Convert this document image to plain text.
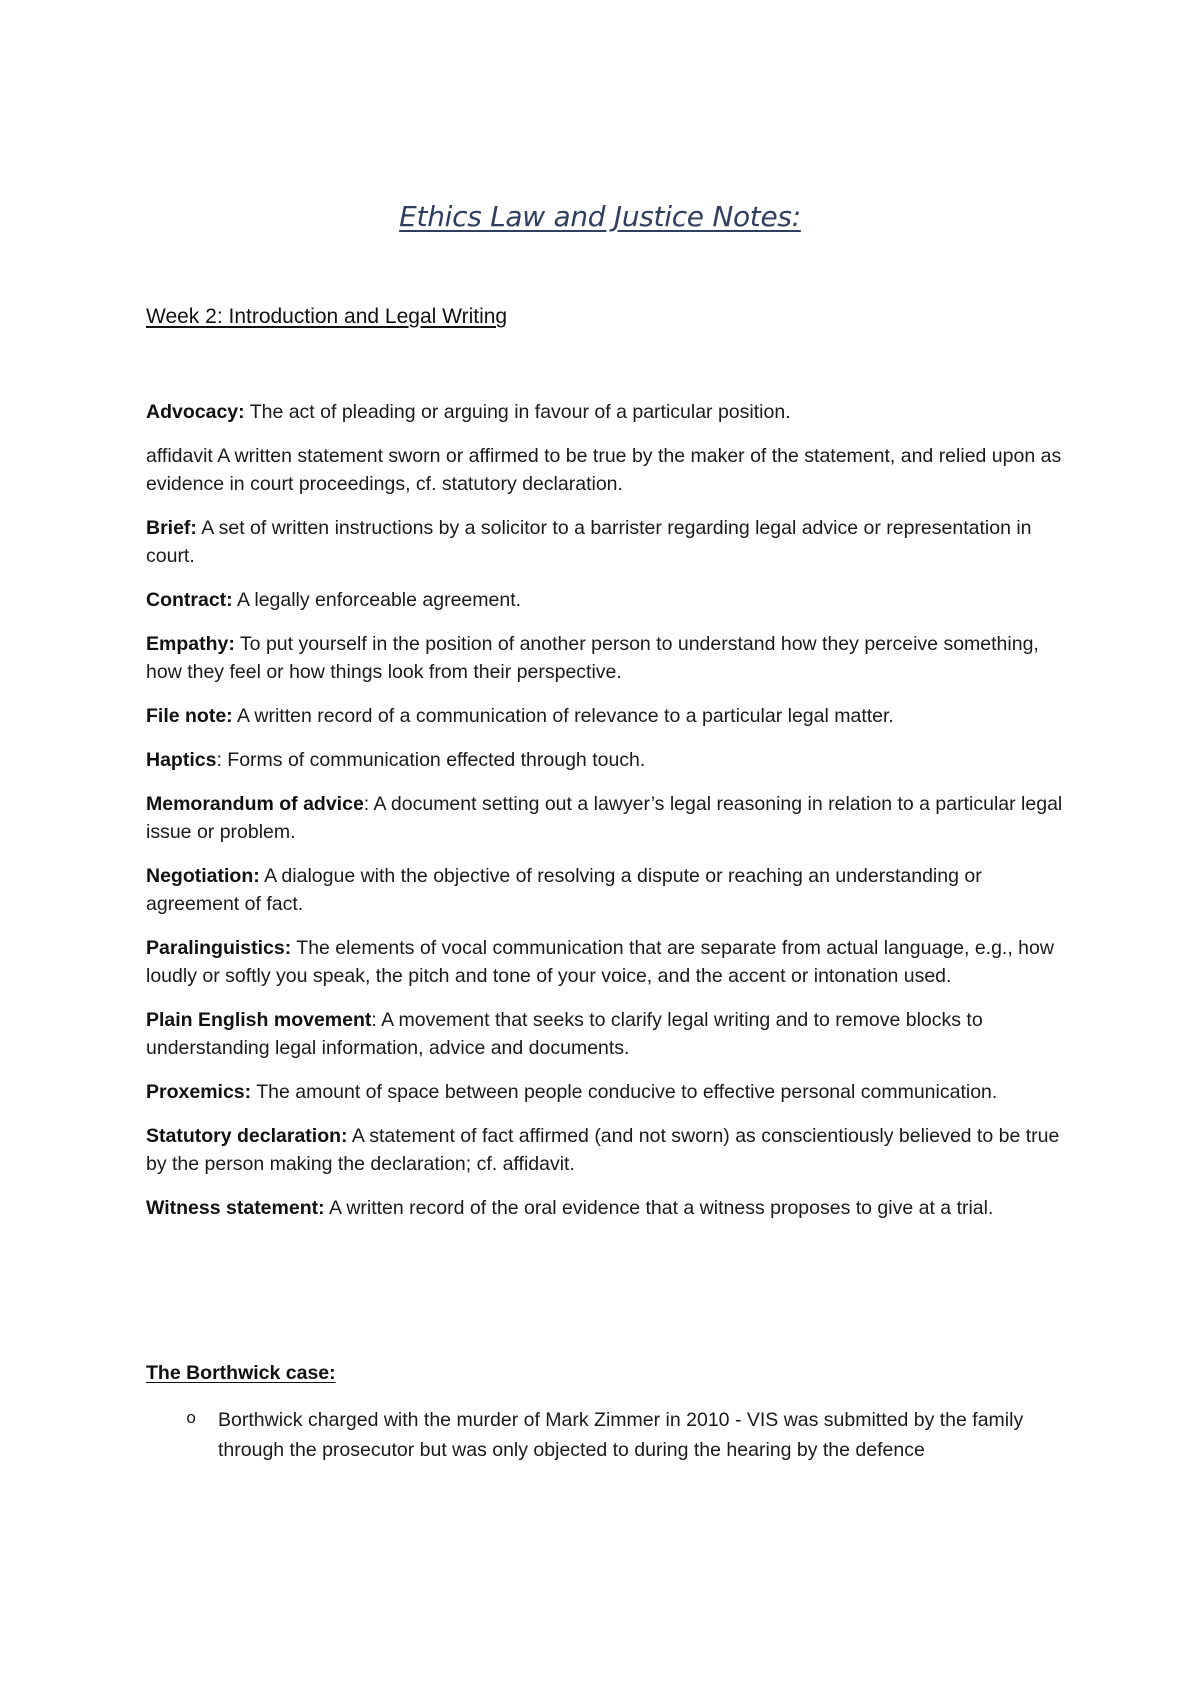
Ethics Law and Justice Notes:
Week 2: Introduction and Legal Writing

Advocacy: The act of pleading or arguing in favour of a particular position.

affidavit A written statement sworn or affirmed to be true by the maker of the statement, and relied upon as evidence in court proceedings, cf. statutory declaration.

Brief: A set of written instructions by a solicitor to a barrister regarding legal advice or representation in court.

Contract: A legally enforceable agreement.

Empathy: To put yourself in the position of another person to understand how they perceive something, how they feel or how things look from their perspective.

File note: A written record of a communication of relevance to a particular legal matter.

Haptics: Forms of communication effected through touch.

Memorandum of advice: A document setting out a lawyer’s legal reasoning in relation to a particular legal issue or problem.

Negotiation: A dialogue with the objective of resolving a dispute or reaching an understanding or agreement of fact.

Paralinguistics: The elements of vocal communication that are separate from actual language, e.g., how loudly or softly you speak, the pitch and tone of your voice, and the accent or intonation used.

Plain English movement: A movement that seeks to clarify legal writing and to remove blocks to understanding legal information, advice and documents.

Proxemics: The amount of space between people conducive to effective personal communication.

Statutory declaration: A statement of fact affirmed (and not sworn) as conscientiously believed to be true by the person making the declaration; cf. affidavit.

Witness statement: A written record of the oral evidence that a witness proposes to give at a trial.

The Borthwick case:
o Borthwick charged with the murder of Mark Zimmer in 2010 - VIS was submitted by the family through the prosecutor but was only objected to during the hearing by the defence
